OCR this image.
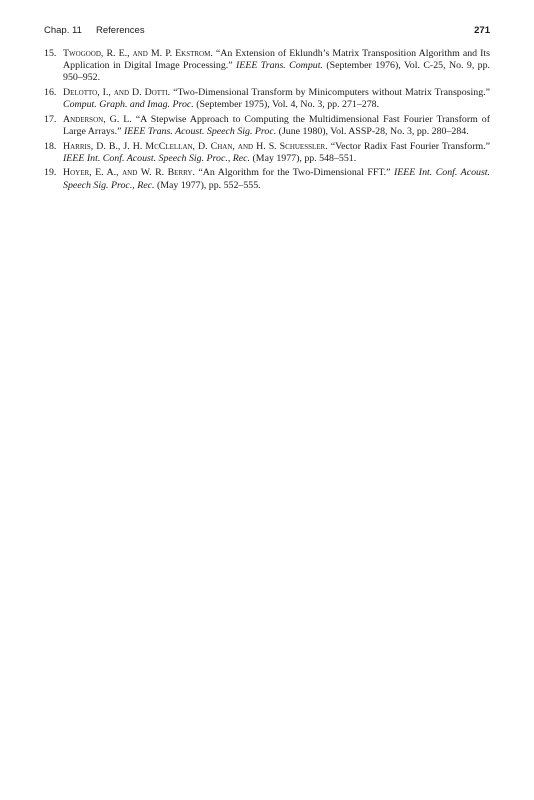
Chap. 11 References	271
15. Twogood, R. E., and M. P. Ekstrom. “An Extension of Eklundh’s Matrix Transposition Algorithm and Its Application in Digital Image Processing.” IEEE Trans. Comput. (September 1976), Vol. C-25, No. 9, pp. 950–952.
16. Delotto, I., and D. Dotti. “Two-Dimensional Transform by Minicomputers without Matrix Transposing.” Comput. Graph. and Imag. Proc. (September 1975), Vol. 4, No. 3, pp. 271–278.
17. Anderson, G. L. “A Stepwise Approach to Computing the Multidimensional Fast Fourier Transform of Large Arrays.” IEEE Trans. Acoust. Speech Sig. Proc. (June 1980), Vol. ASSP-28, No. 3, pp. 280–284.
18. Harris, D. B., J. H. McClellan, D. Chan, and H. S. Schuessler. “Vector Radix Fast Fourier Transform.” IEEE Int. Conf. Acoust. Speech Sig. Proc., Rec. (May 1977), pp. 548–551.
19. Hoyer, E. A., and W. R. Berry. “An Algorithm for the Two-Dimensional FFT.” IEEE Int. Conf. Acoust. Speech Sig. Proc., Rec. (May 1977), pp. 552–555.
